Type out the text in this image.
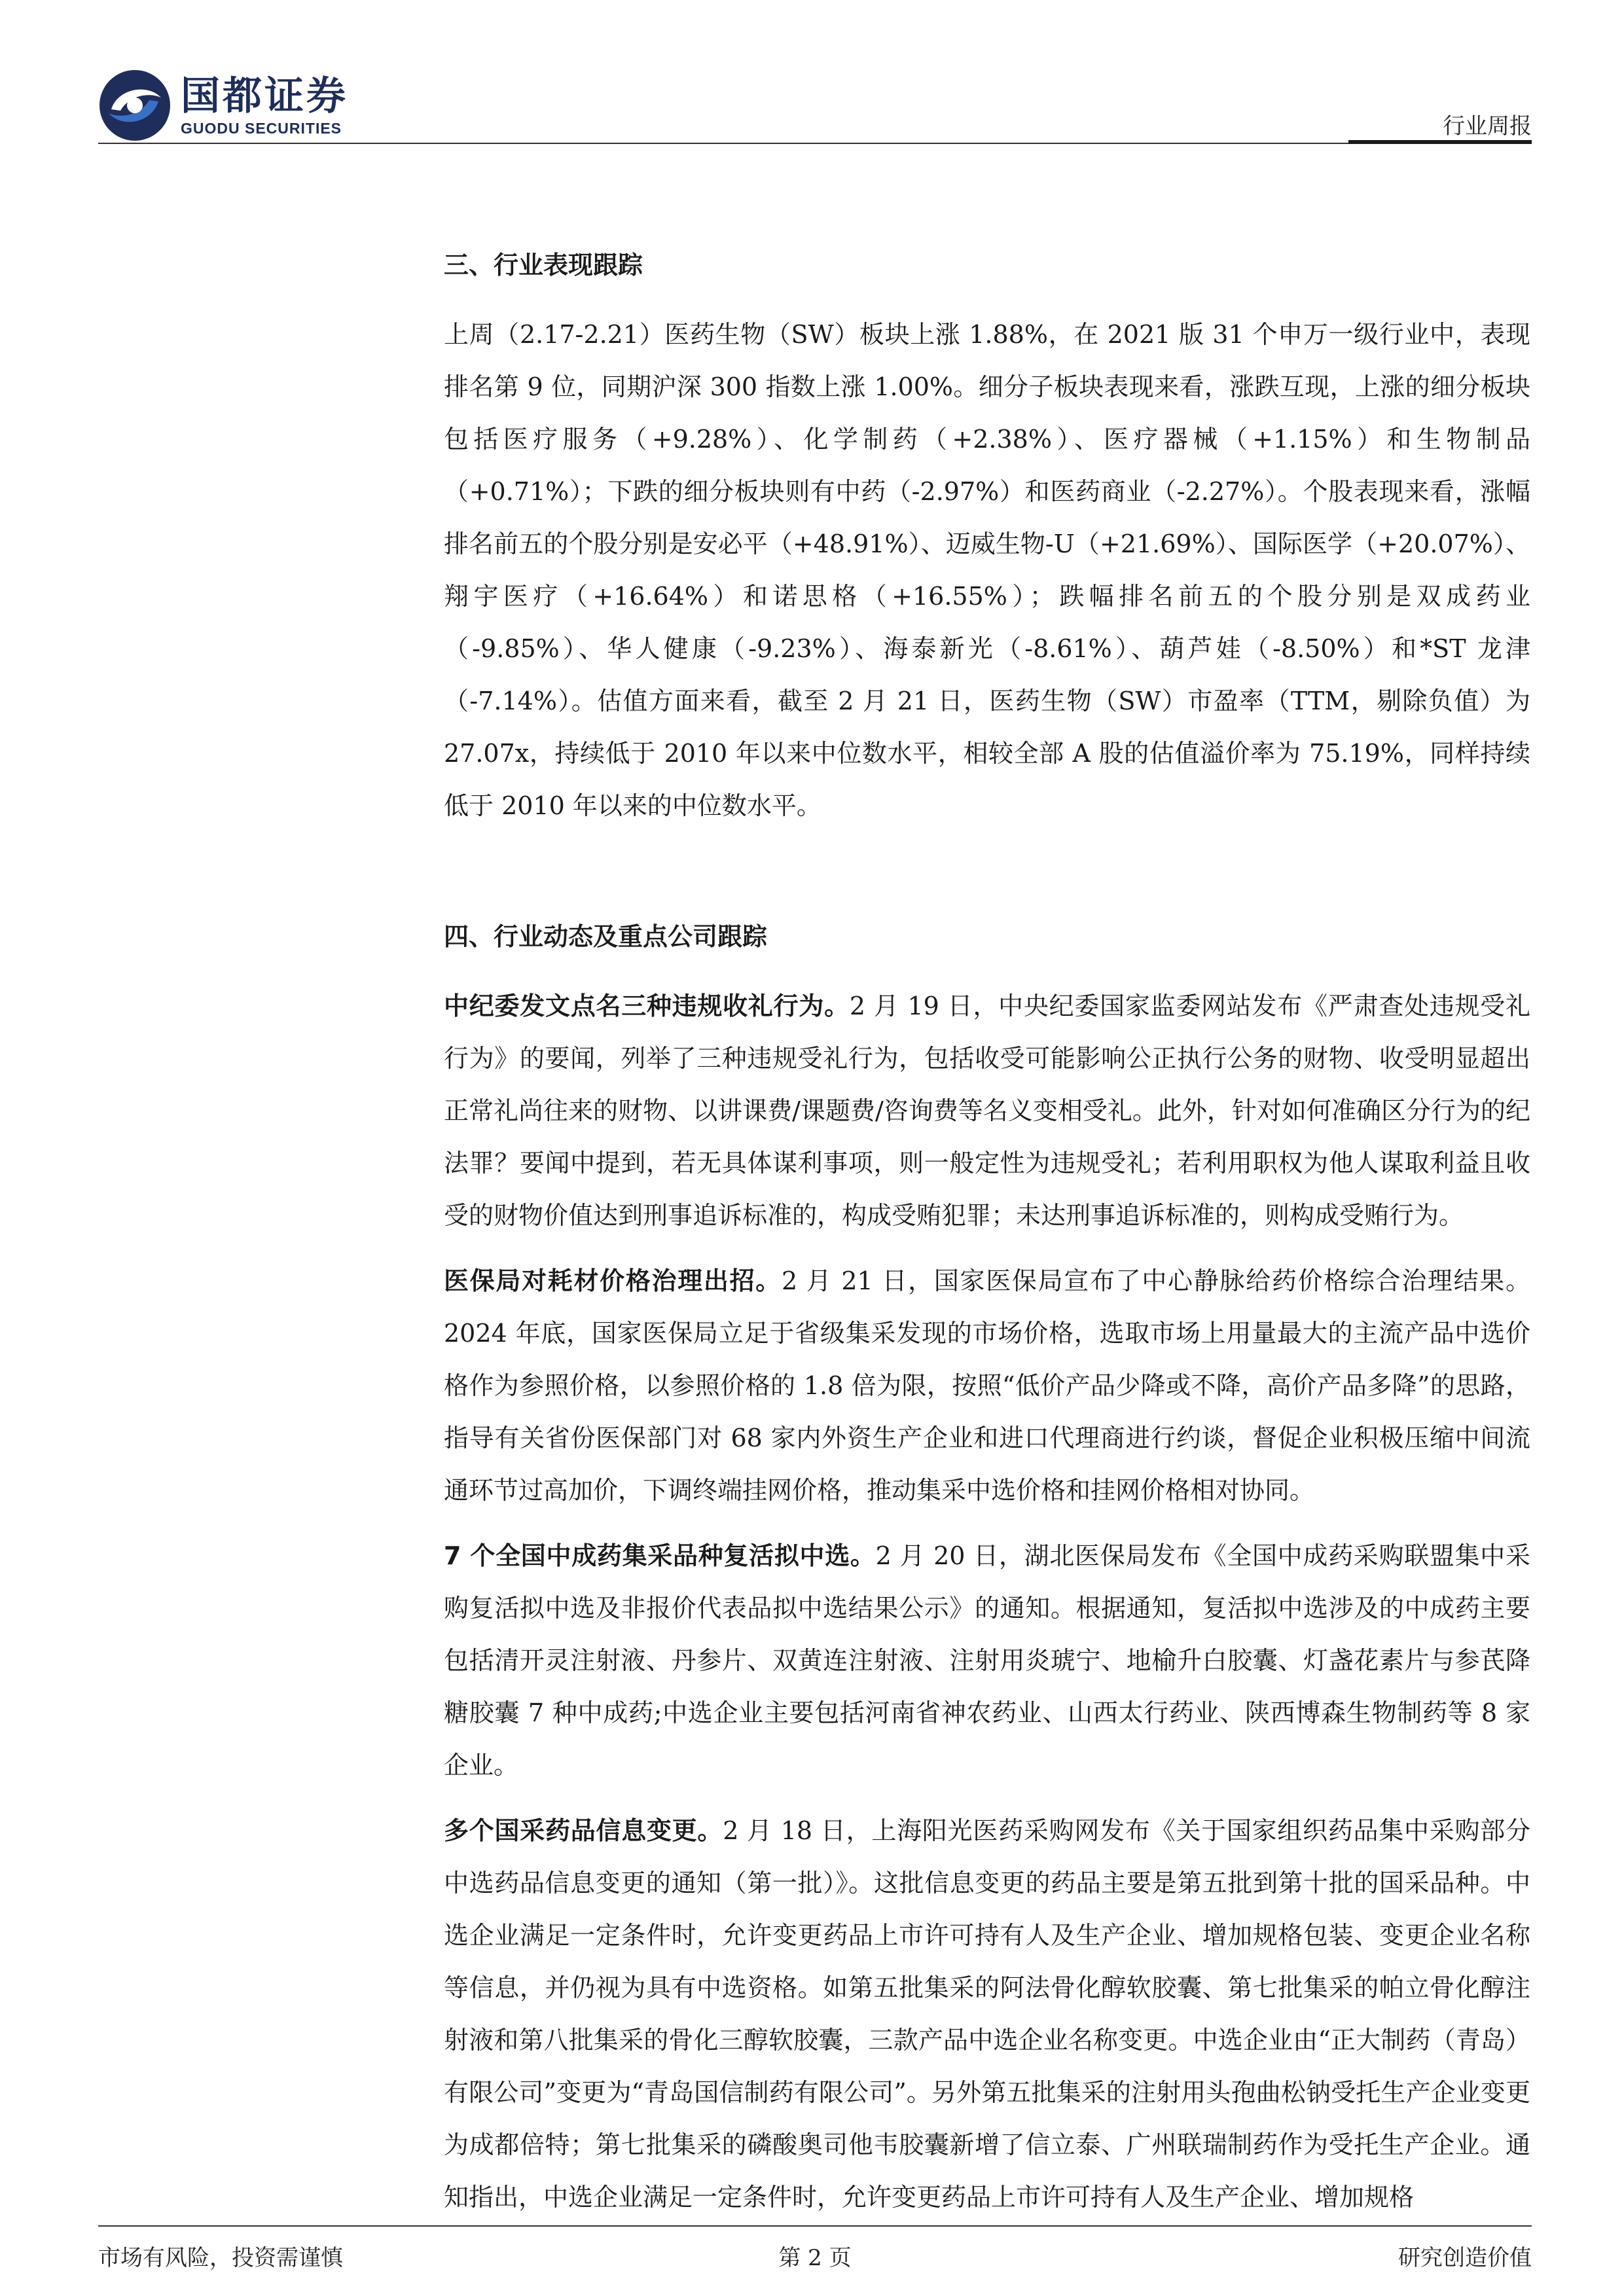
国都证券
GUODU SECURITIES	行业周报
三、行业表现跟踪

上周（2.17-2.21）医药生物（SW）板块上涨 1.88%，在 2021 版 31 个申万一级行业中，表现排名第 9 位，同期沪深 300 指数上涨 1.00%。细分子板块表现来看，涨跌互现，上涨的细分板块包括医疗服务（+9.28%）、化学制药（+2.38%）、医疗器械（+1.15%）和生物制品（+0.71%）；下跌的细分板块则有中药（-2.97%）和医药商业（-2.27%）。个股表现来看，涨幅排名前五的个股分别是安必平（+48.91%）、迈威生物-U（+21.69%）、国际医学（+20.07%）、翔宇医疗（+16.64%）和诺思格（+16.55%）；跌幅排名前五的个股分别是双成药业（-9.85%）、华人健康（-9.23%）、海泰新光（-8.61%）、葫芦娃（-8.50%）和*ST 龙津（-7.14%）。估值方面来看，截至 2 月 21 日，医药生物（SW）市盈率（TTM，剔除负值）为 27.07x，持续低于 2010 年以来中位数水平，相较全部 A 股的估值溢价率为 75.19%，同样持续低于 2010 年以来的中位数水平。

四、行业动态及重点公司跟踪

中纪委发文点名三种违规收礼行为。2 月 19 日，中央纪委国家监委网站发布《严肃查处违规受礼行为》的要闻，列举了三种违规受礼行为，包括收受可能影响公正执行公务的财物、收受明显超出正常礼尚往来的财物、以讲课费/课题费/咨询费等名义变相受礼。此外，针对如何准确区分行为的纪法罪？要闻中提到，若无具体谋利事项，则一般定性为违规受礼；若利用职权为他人谋取利益且收受的财物价值达到刑事追诉标准的，构成受贿犯罪；未达刑事追诉标准的，则构成受贿行为。

医保局对耗材价格治理出招。2 月 21 日，国家医保局宣布了中心静脉给药价格综合治理结果。2024 年底，国家医保局立足于省级集采发现的市场价格，选取市场上用量最大的主流产品中选价格作为参照价格，以参照价格的 1.8 倍为限，按照“低价产品少降或不降，高价产品多降”的思路，指导有关省份医保部门对 68 家内外资生产企业和进口代理商进行约谈，督促企业积极压缩中间流通环节过高加价，下调终端挂网价格，推动集采中选价格和挂网价格相对协同。

7 个全国中成药集采品种复活拟中选。2 月 20 日，湖北医保局发布《全国中成药采购联盟集中采购复活拟中选及非报价代表品拟中选结果公示》的通知。根据通知，复活拟中选涉及的中成药主要包括清开灵注射液、丹参片、双黄连注射液、注射用炎琥宁、地榆升白胶囊、灯盏花素片与参芪降糖胶囊 7 种中成药;中选企业主要包括河南省神农药业、山西太行药业、陕西博森生物制药等 8 家企业。

多个国采药品信息变更。2 月 18 日，上海阳光医药采购网发布《关于国家组织药品集中采购部分中选药品信息变更的通知（第一批）》。这批信息变更的药品主要是第五批到第十批的国采品种。中选企业满足一定条件时，允许变更药品上市许可持有人及生产企业、增加规格包装、变更企业名称等信息，并仍视为具有中选资格。如第五批集采的阿法骨化醇软胶囊、第七批集采的帕立骨化醇注射液和第八批集采的骨化三醇软胶囊，三款产品中选企业名称变更。中选企业由“正大制药（青岛）有限公司”变更为“青岛国信制药有限公司”。另外第五批集采的注射用头孢曲松钠受托生产企业变更为成都倍特；第七批集采的磷酸奥司他韦胶囊新增了信立泰、广州联瑞制药作为受托生产企业。通知指出，中选企业满足一定条件时，允许变更药品上市许可持有人及生产企业、增加规格

市场有风险，投资需谨慎	第 2 页	研究创造价值
